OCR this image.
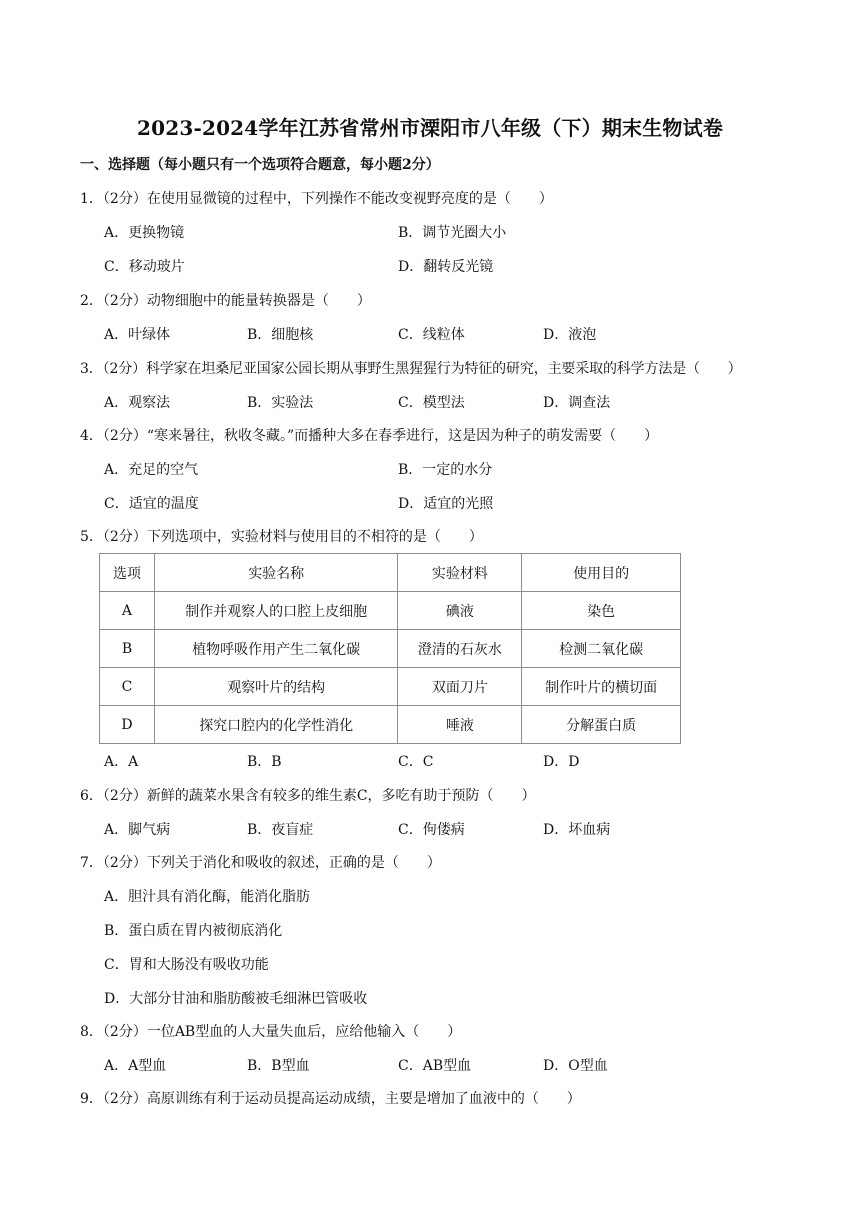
2023-2024学年江苏省常州市溧阳市八年级（下）期末生物试卷
一、选择题（每小题只有一个选项符合题意，每小题2分）
1．（2分）在使用显微镜的过程中，下列操作不能改变视野亮度的是（　　）
A．更换物镜	B．调节光圈大小
C．移动玻片	D．翻转反光镜
2．（2分）动物细胞中的能量转换器是（　　）
A．叶绿体	B．细胞核	C．线粒体	D．液泡
3．（2分）科学家在坦桑尼亚国家公园长期从事野生黑猩猩行为特征的研究，主要采取的科学方法是（　　）
A．观察法	B．实验法	C．模型法	D．调查法
4．（2分）“寒来暑往，秋收冬藏。”而播种大多在春季进行，这是因为种子的萌发需要（　　）
A．充足的空气	B．一定的水分
C．适宜的温度	D．适宜的光照
5．（2分）下列选项中，实验材料与使用目的不相符的是（　　）
选项	实验名称	实验材料	使用目的
A	制作并观察人的口腔上皮细胞	碘液	染色
B	植物呼吸作用产生二氧化碳	澄清的石灰水	检测二氧化碳
C	观察叶片的结构	双面刀片	制作叶片的横切面
D	探究口腔内的化学性消化	唾液	分解蛋白质
A．A	B．B	C．C	D．D
6．（2分）新鲜的蔬菜水果含有较多的维生素C，多吃有助于预防（　　）
A．脚气病	B．夜盲症	C．佝偻病	D．坏血病
7．（2分）下列关于消化和吸收的叙述，正确的是（　　）
A．胆汁具有消化酶，能消化脂肪
B．蛋白质在胃内被彻底消化
C．胃和大肠没有吸收功能
D．大部分甘油和脂肪酸被毛细淋巴管吸收
8．（2分）一位AB型血的人大量失血后，应给他输入（　　）
A．A型血	B．B型血	C．AB型血	D．O型血
9．（2分）高原训练有利于运动员提高运动成绩，主要是增加了血液中的（　　）
